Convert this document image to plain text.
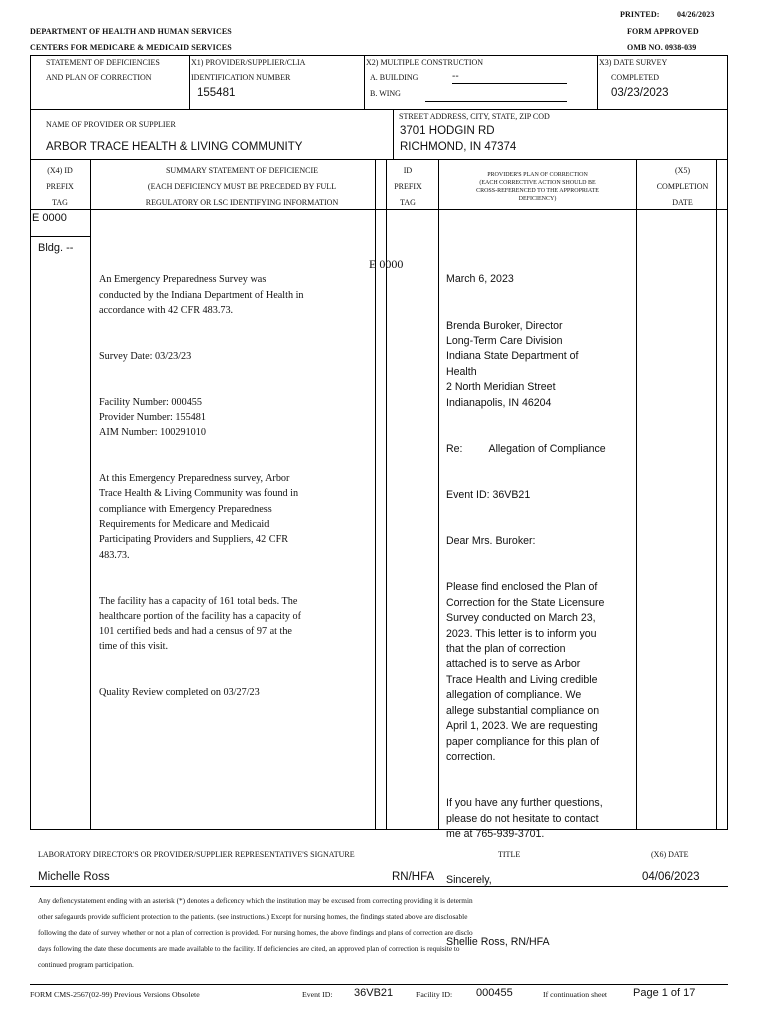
PRINTED: 04/26/2023
DEPARTMENT OF HEALTH AND HUMAN SERVICES	FORM APPROVED
CENTERS FOR MEDICARE & MEDICAID SERVICES	OMB NO. 0938-039
STATEMENT OF DEFICIENCIES
AND PLAN OF CORRECTION
X1) PROVIDER/SUPPLIER/CLIA
IDENTIFICATION NUMBER
155481
X2) MULTIPLE CONSTRUCTION
A. BUILDING	--
B. WING
X3) DATE SURVEY
COMPLETED
03/23/2023
NAME OF PROVIDER OR SUPPLIER
ARBOR TRACE HEALTH & LIVING COMMUNITY
STREET ADDRESS, CITY, STATE, ZIP COD
3701 HODGIN RD
RICHMOND, IN 47374
(X4) ID
PREFIX
TAG
SUMMARY STATEMENT OF DEFICIENCIE
(EACH DEFICIENCY MUST BE PRECEDED BY FULL
REGULATORY OR LSC IDENTIFYING INFORMATION
ID
PREFIX
TAG
PROVIDER'S PLAN OF CORRECTION
(EACH CORRECTIVE ACTION SHOULD BE
CROSS-REFERENCED TO THE APPROPRIATE
DEFICIENCY)
(X5)
COMPLETION
DATE
E 0000
Bldg. --

An Emergency Preparedness Survey was
conducted by the Indiana Department of Health in
accordance with 42 CFR 483.73.

Survey Date: 03/23/23

Facility Number: 000455
Provider Number: 155481
AIM Number: 100291010

At this Emergency Preparedness survey, Arbor
Trace Health & Living Community was found in
compliance with Emergency Preparedness
Requirements for Medicare and Medicaid
Participating Providers and Suppliers, 42 CFR
483.73.

The facility has a capacity of 161 total beds. The
healthcare portion of the facility has a capacity of
101 certified beds and had a census of 97 at the
time of this visit.

Quality Review completed on 03/27/23

E 0000

March 6, 2023

Brenda Buroker, Director
Long-Term Care Division
Indiana State Department of
Health
2 North Meridian Street
Indianapolis, IN 46204

Re: Allegation of Compliance

Event ID: 36VB21

Dear Mrs. Buroker:

Please find enclosed the Plan of
Correction for the State Licensure
Survey conducted on March 23,
2023. This letter is to inform you
that the plan of correction
attached is to serve as Arbor
Trace Health and Living credible
allegation of compliance. We
allege substantial compliance on
April 1, 2023. We are requesting
paper compliance for this plan of
correction.

If you have any further questions,
please do not hesitate to contact
me at 765-939-3701.

Sincerely,

Shellie Ross, RN/HFA

LABORATORY DIRECTOR'S OR PROVIDER/SUPPLIER REPRESENTATIVE'S SIGNATURE	TITLE	(X6) DATE
Michelle Ross	RN/HFA	04/06/2023
Any defiencystatement ending with an asterisk (*) denotes a deficency which the institution may be excused from correcting providing it is determin
other safegaurds provide sufficient protection to the patients. (see instructions.) Except for nursing homes, the findings stated above are disclosable
following the date of survey whether or not a plan of correction is provided. For nursing homes, the above findings and plans of correction are disclo
days following the date these documents are made available to the facility. If deficiencies are cited, an approved plan of correction is requisite to
continued program participation.
FORM CMS-2567(02-99) Previous Versions Obsolete	Event ID: 36VB21	Facility ID: 000455	If continuation sheet Page 1 of 17
